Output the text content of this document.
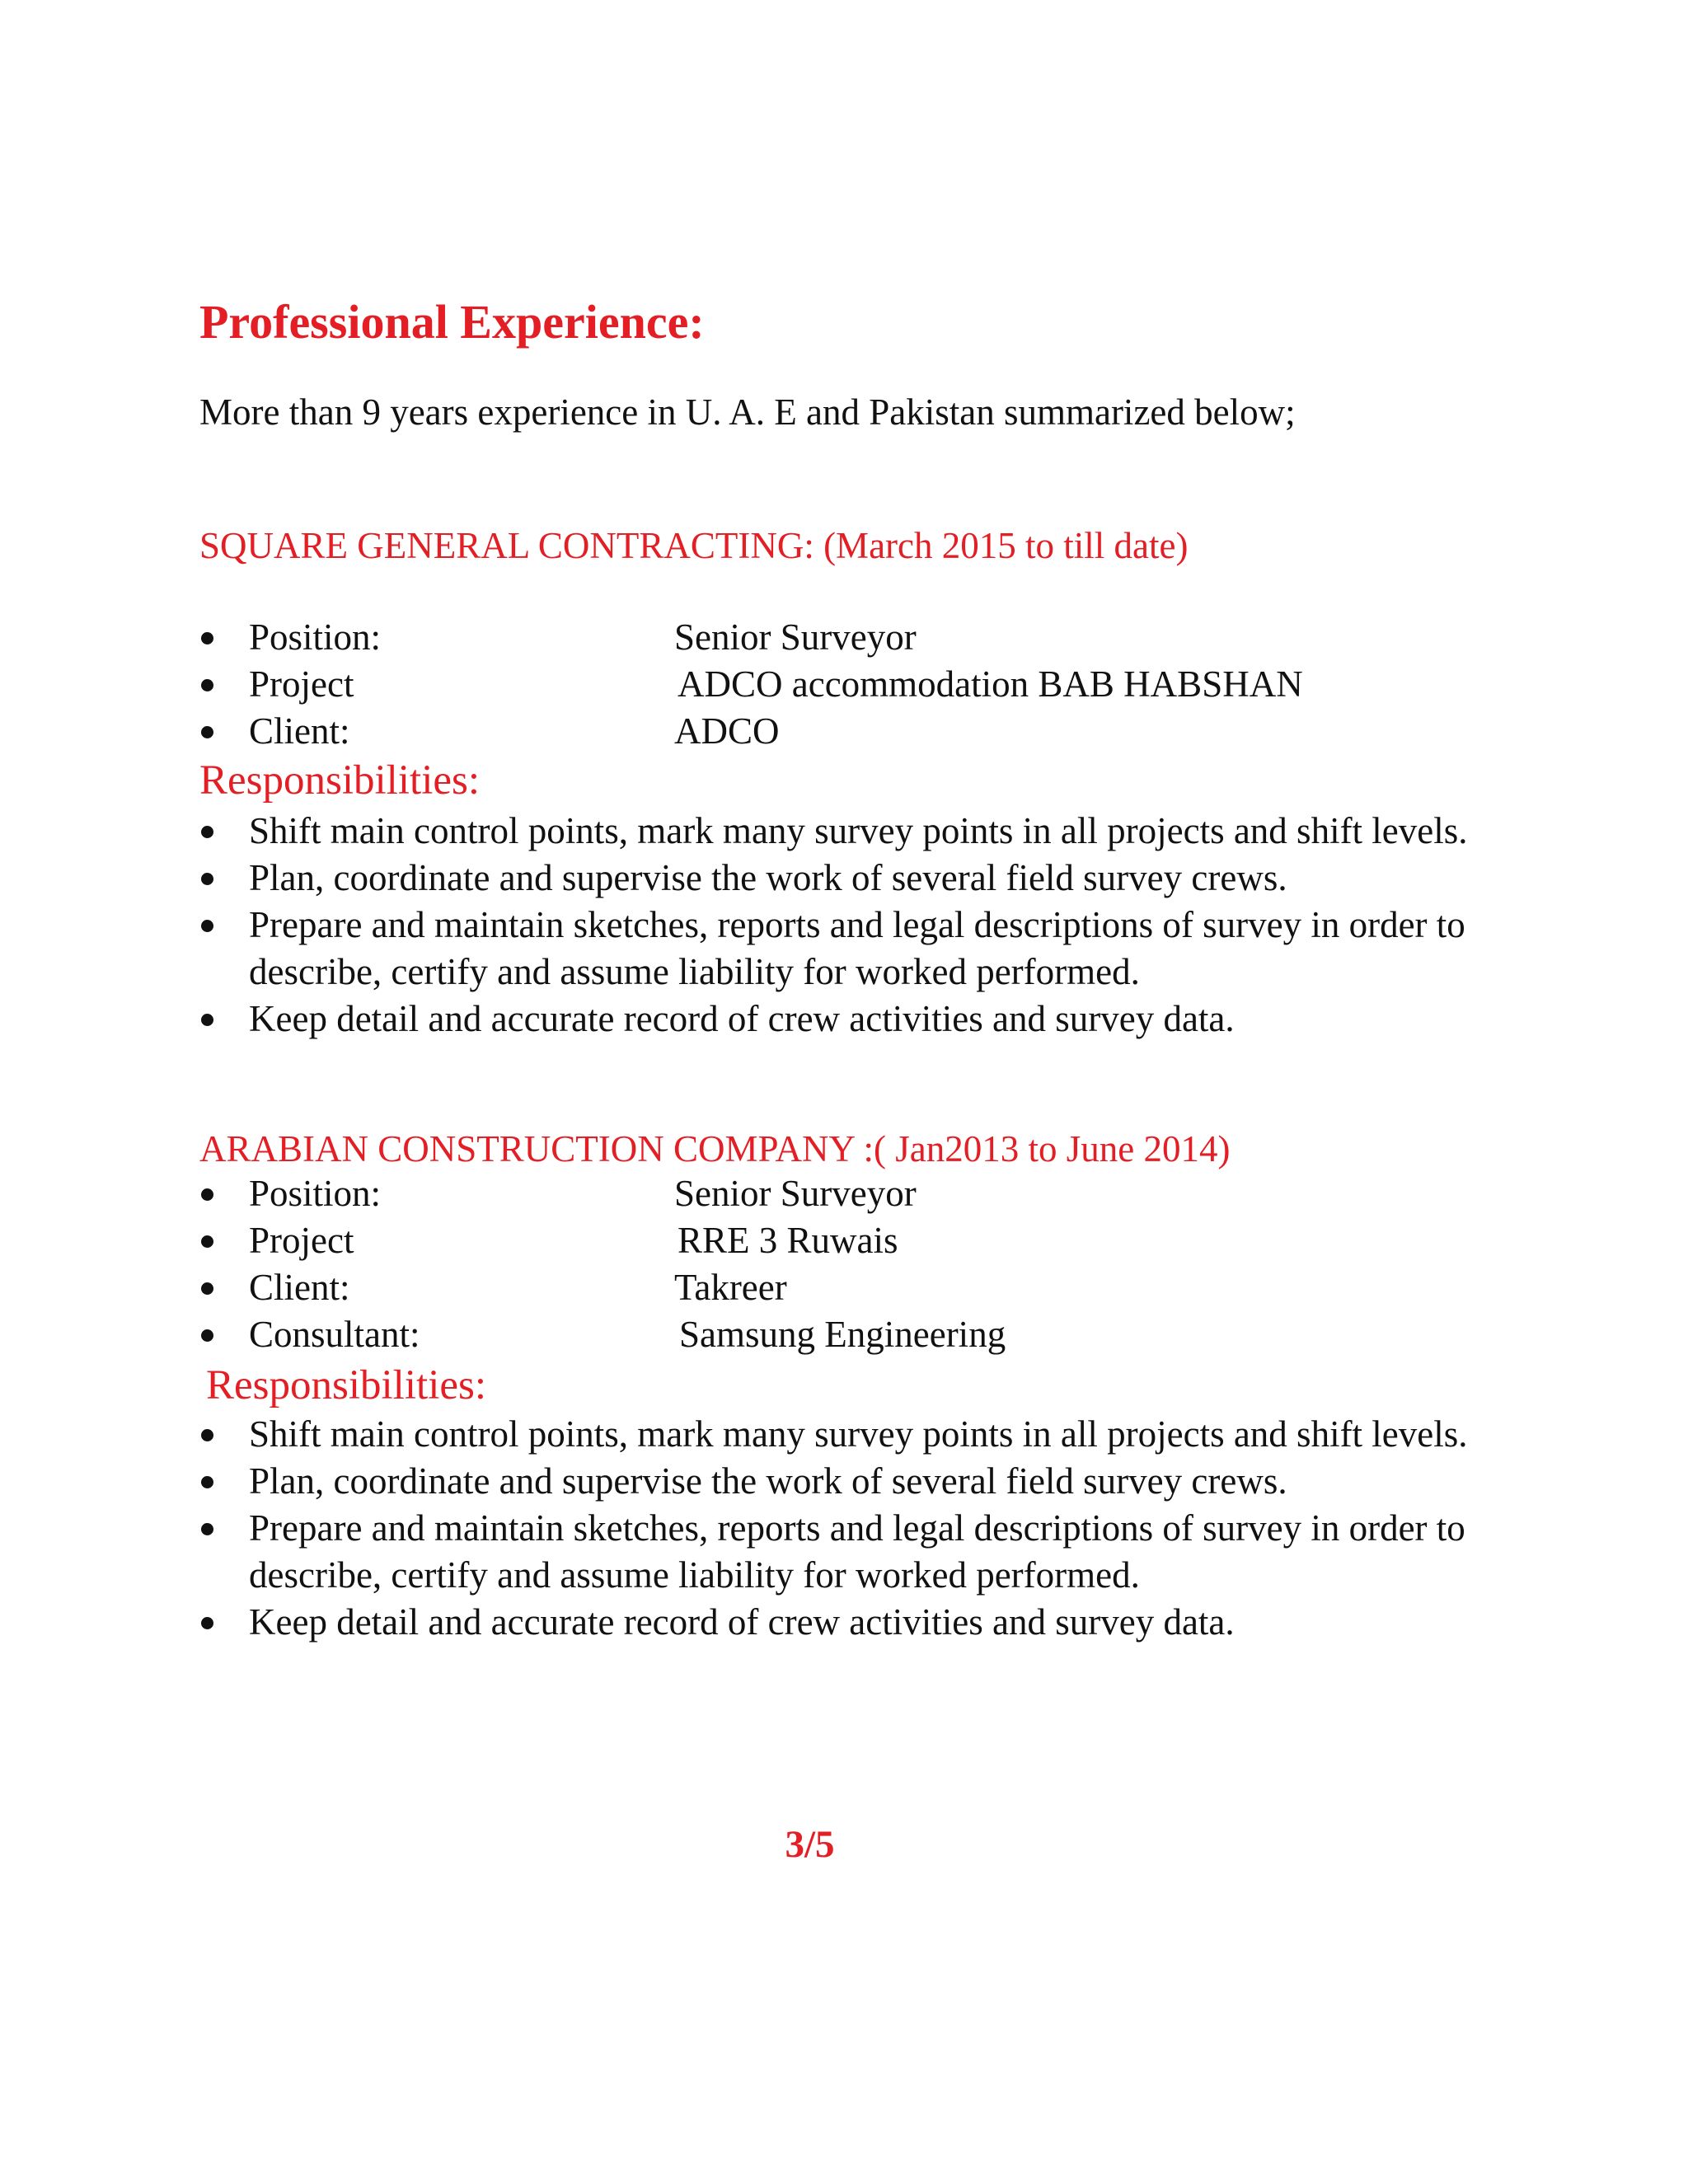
Professional Experience:

More than 9 years experience in U. A. E and Pakistan summarized below;

SQUARE GENERAL CONTRACTING: (March 2015 to till date)

Position:	Senior Surveyor
Project	ADCO accommodation BAB HABSHAN
Client:	ADCO

Responsibilities:

Shift main control points, mark many survey points in all projects and shift levels.
Plan, coordinate and supervise the work of several field survey crews.
Prepare and maintain sketches, reports and legal descriptions of survey in order to describe, certify and assume liability for worked performed.
Keep detail and accurate record of crew activities and survey data.

ARABIAN CONSTRUCTION COMPANY :( Jan2013 to June 2014)

Position:	Senior Surveyor
Project	RRE 3 Ruwais
Client:	Takreer
Consultant:	Samsung Engineering

Responsibilities:

Shift main control points, mark many survey points in all projects and shift levels.
Plan, coordinate and supervise the work of several field survey crews.
Prepare and maintain sketches, reports and legal descriptions of survey in order to describe, certify and assume liability for worked performed.
Keep detail and accurate record of crew activities and survey data.

3/5
